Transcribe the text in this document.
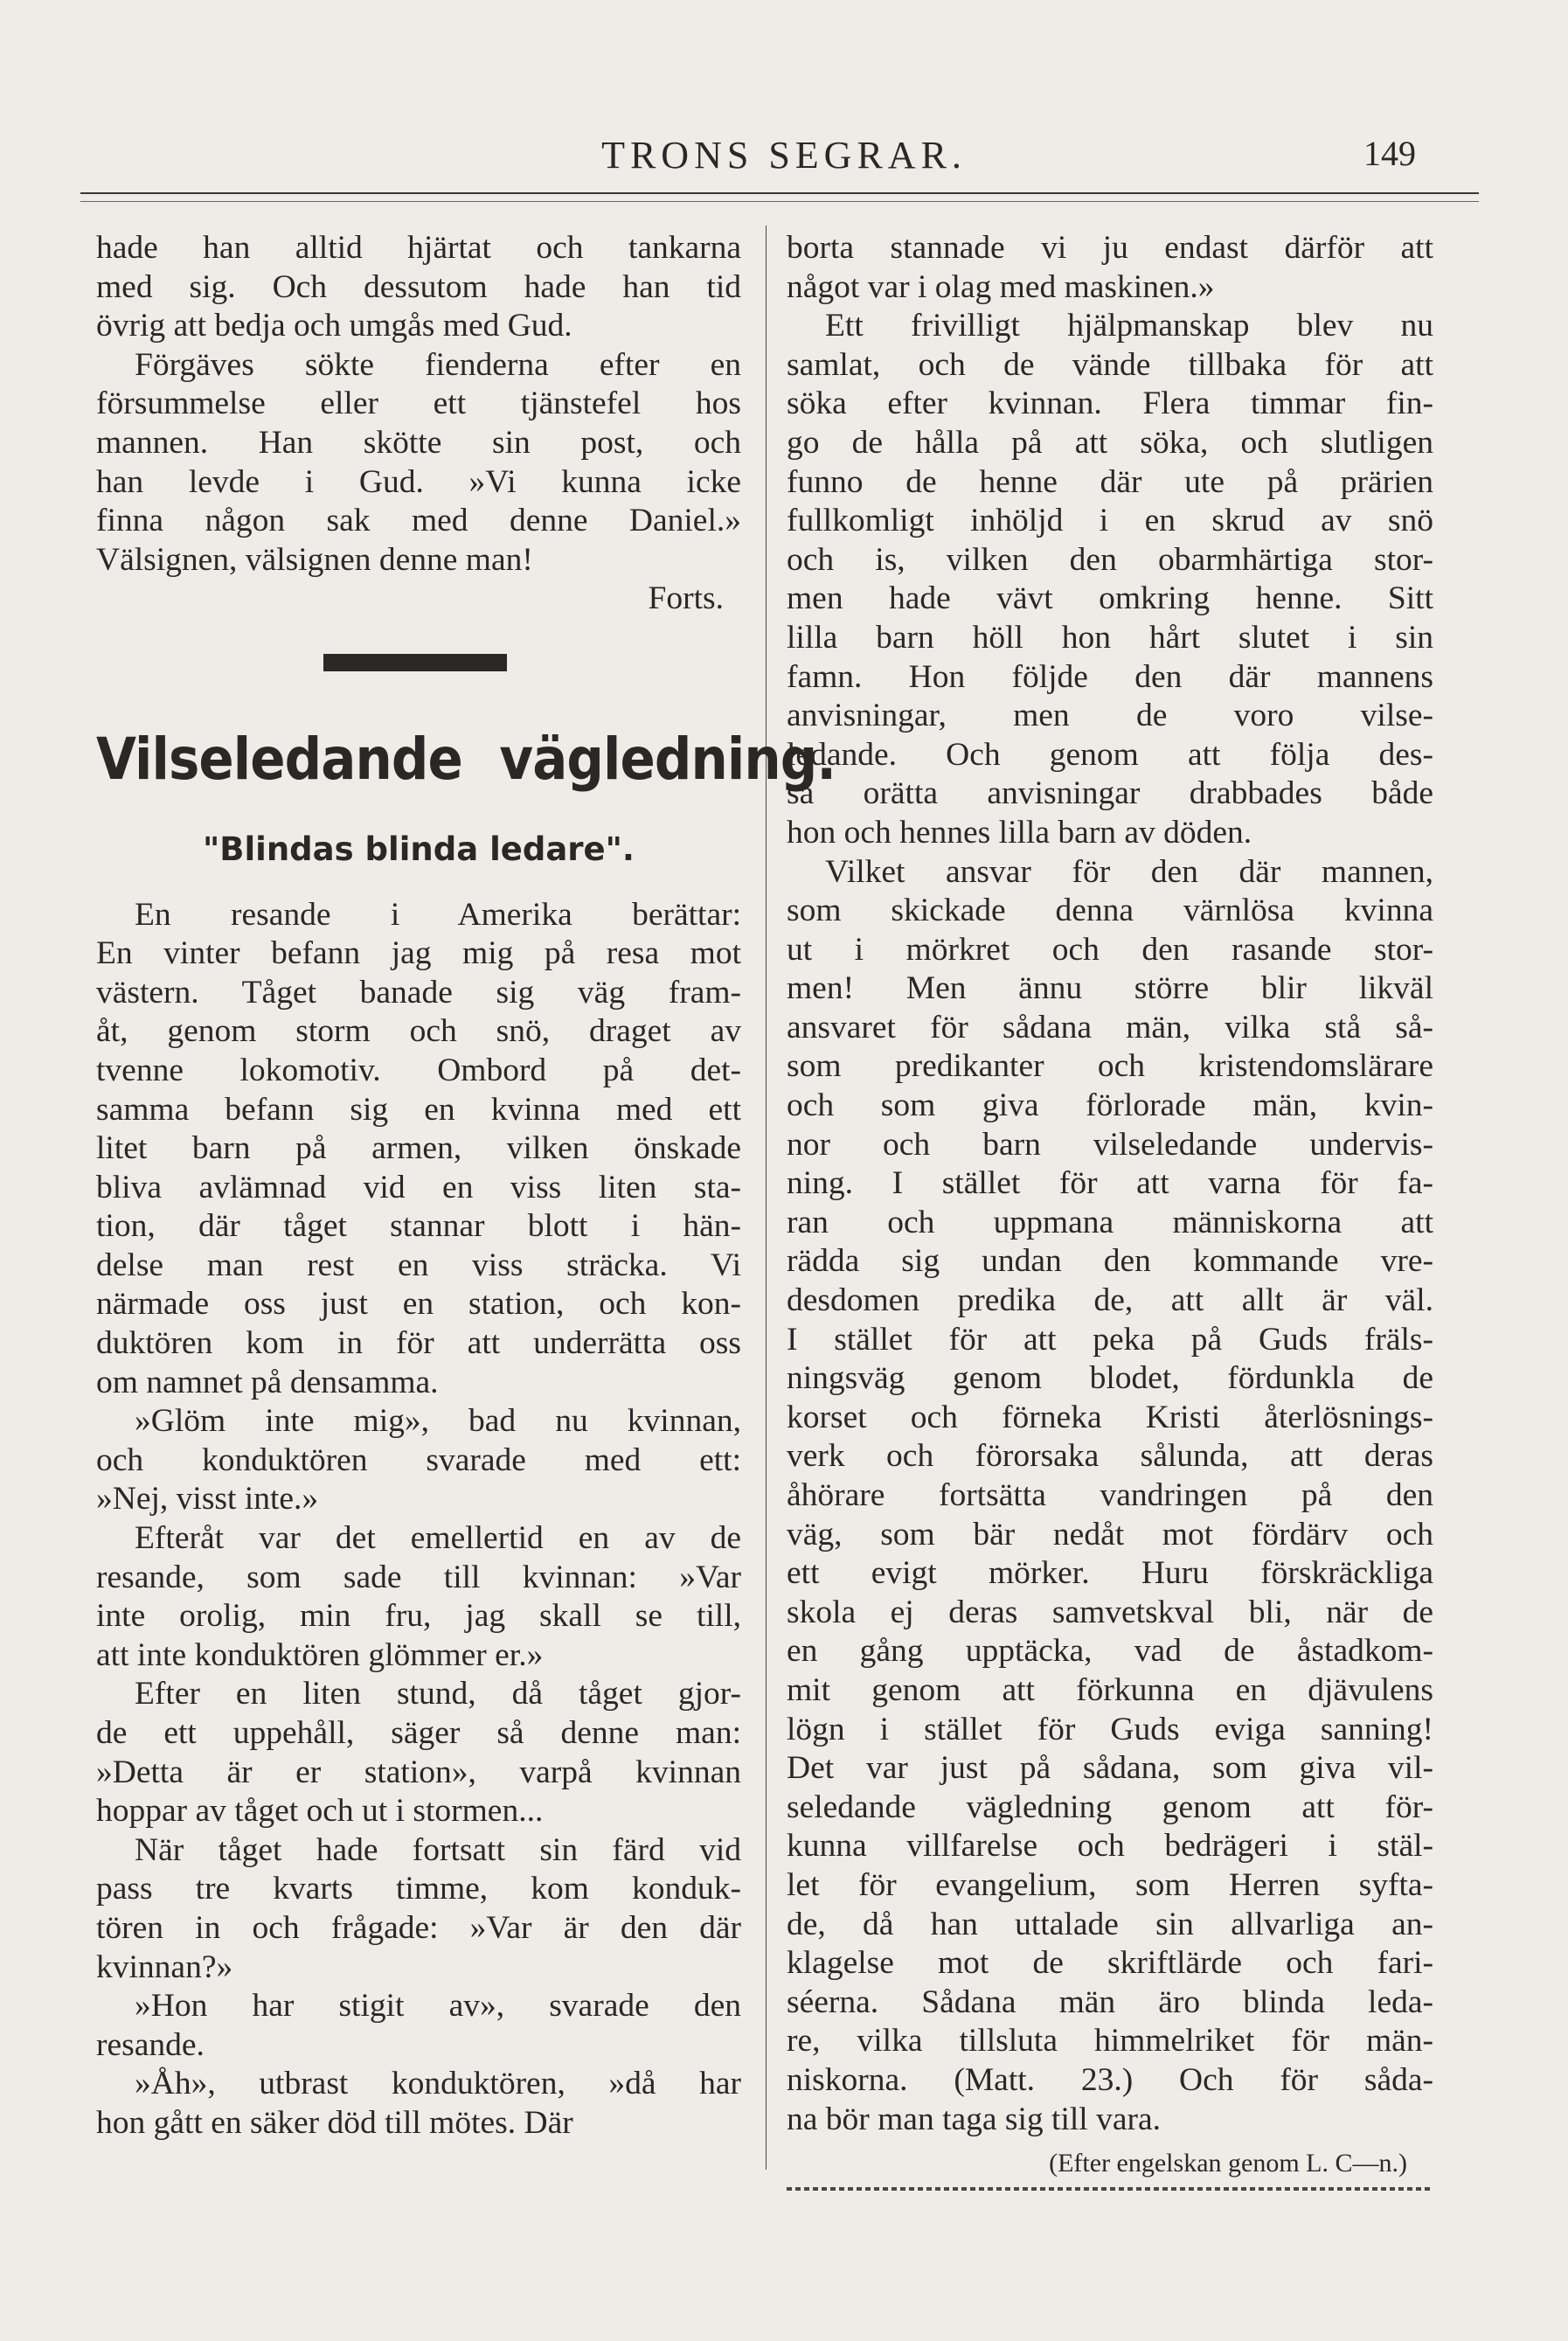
TRONS SEGRAR.	149

hade han alltid hjärtat och tankarna
med sig. Och dessutom hade han tid
övrig att bedja och umgås med Gud.

Förgäves sökte fienderna efter en
försummelse eller ett tjänstefel hos
mannen. Han skötte sin post, och
han levde i Gud. »Vi kunna icke
finna någon sak med denne Daniel.»
Välsignen, välsignen denne man!

Forts.

Vilseledande vägledning.
"Blindas blinda ledare".

En resande i Amerika berättar:
En vinter befann jag mig på resa mot
västern. Tåget banade sig väg fram-
åt, genom storm och snö, draget av
tvenne lokomotiv. Ombord på det-
samma befann sig en kvinna med ett
litet barn på armen, vilken önskade
bliva avlämnad vid en viss liten sta-
tion, där tåget stannar blott i hän-
delse man rest en viss sträcka. Vi
närmade oss just en station, och kon-
duktören kom in för att underrätta oss
om namnet på densamma.

»Glöm inte mig», bad nu kvinnan,
och konduktören svarade med ett:
»Nej, visst inte.»

Efteråt var det emellertid en av de
resande, som sade till kvinnan: »Var
inte orolig, min fru, jag skall se till,
att inte konduktören glömmer er.»

Efter en liten stund, då tåget gjor-
de ett uppehåll, säger så denne man:
»Detta är er station», varpå kvinnan
hoppar av tåget och ut i stormen...

När tåget hade fortsatt sin färd vid
pass tre kvarts timme, kom konduk-
tören in och frågade: »Var är den där
kvinnan?»

»Hon har stigit av», svarade den
resande.

»Åh», utbrast konduktören, »då har
hon gått en säker död till mötes. Där

borta stannade vi ju endast därför att
något var i olag med maskinen.»

Ett frivilligt hjälpmanskap blev nu
samlat, och de vände tillbaka för att
söka efter kvinnan. Flera timmar fin-
go de hålla på att söka, och slutligen
funno de henne där ute på prärien
fullkomligt inhöljd i en skrud av snö
och is, vilken den obarmhärtiga stor-
men hade vävt omkring henne. Sitt
lilla barn höll hon hårt slutet i sin
famn. Hon följde den där mannens
anvisningar, men de voro vilse-
ledande. Och genom att följa des-
sa orätta anvisningar drabbades både
hon och hennes lilla barn av döden.

Vilket ansvar för den där mannen,
som skickade denna värnlösa kvinna
ut i mörkret och den rasande stor-
men! Men ännu större blir likväl
ansvaret för sådana män, vilka stå så-
som predikanter och kristendomslärare
och som giva förlorade män, kvin-
nor och barn vilseledande undervis-
ning. I stället för att varna för fa-
ran och uppmana människorna att
rädda sig undan den kommande vre-
desdomen predika de, att allt är väl.
I stället för att peka på Guds fräls-
ningsväg genom blodet, fördunkla de
korset och förneka Kristi återlösnings-
verk och förorsaka sålunda, att deras
åhörare fortsätta vandringen på den
väg, som bär nedåt mot fördärv och
ett evigt mörker. Huru förskräckliga
skola ej deras samvetskval bli, när de
en gång upptäcka, vad de åstadkom-
mit genom att förkunna en djävulens
lögn i stället för Guds eviga sanning!
Det var just på sådana, som giva vil-
seledande vägledning genom att för-
kunna villfarelse och bedrägeri i stäl-
let för evangelium, som Herren syfta-
de, då han uttalade sin allvarliga an-
klagelse mot de skriftlärde och fari-
séerna. Sådana män äro blinda leda-
re, vilka tillsluta himmelriket för män-
niskorna. (Matt. 23.) Och för såda-
na bör man taga sig till vara.

(Efter engelskan genom L. C—n.)
